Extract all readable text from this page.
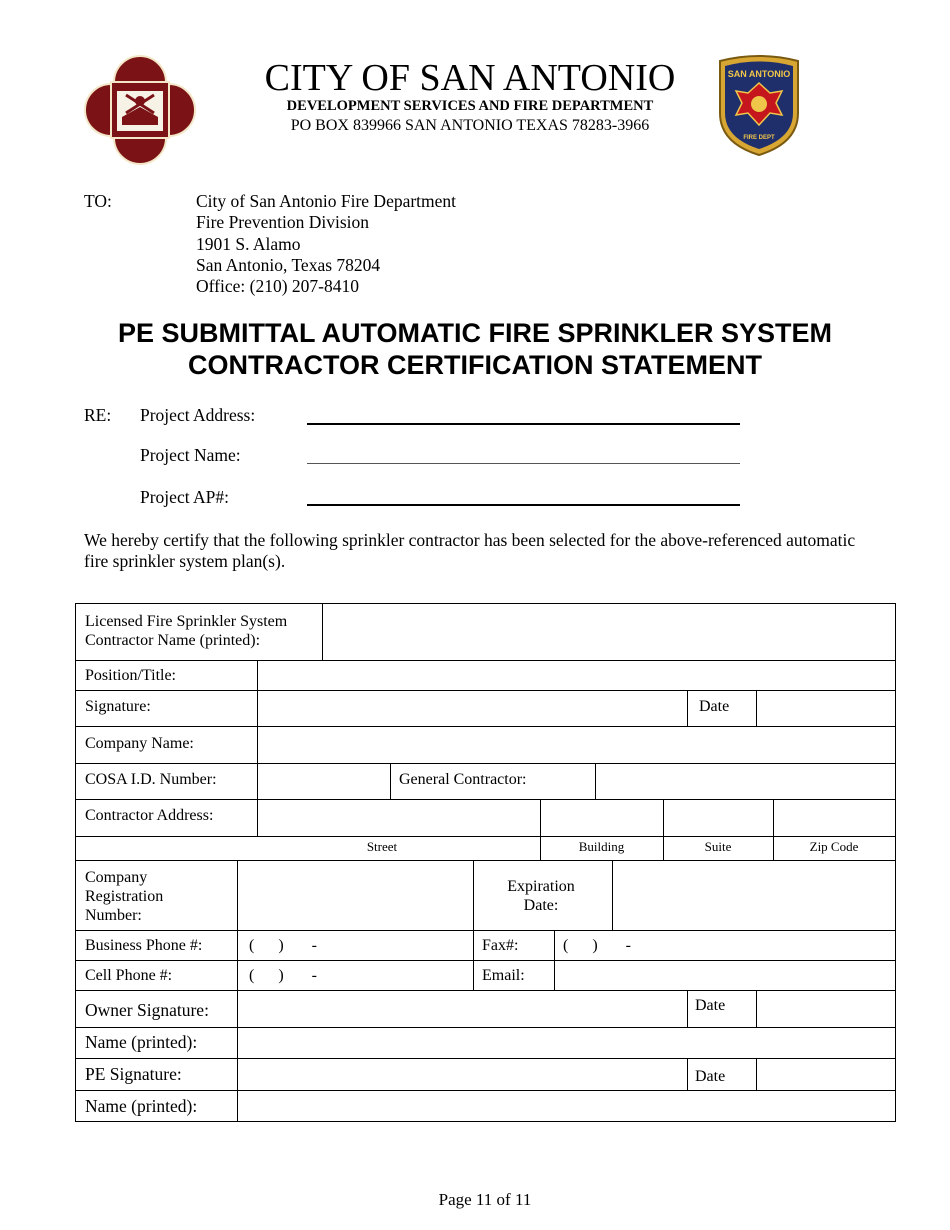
SAN ANTONIO
FIRE DEPT
CITY OF SAN ANTONIO
DEVELOPMENT SERVICES AND FIRE DEPARTMENT
PO BOX 839966 SAN ANTONIO TEXAS 78283-3966
TO:	City of San Antonio Fire Department
Fire Prevention Division
1901 S. Alamo
San Antonio, Texas 78204
Office: (210) 207-8410
PE SUBMITTAL AUTOMATIC FIRE SPRINKLER SYSTEM
CONTRACTOR CERTIFICATION STATEMENT
RE: Project Address:
Project Name:
Project AP#:
We hereby certify that the following sprinkler contractor has been selected for the above-referenced automatic fire sprinkler system plan(s).
Licensed Fire Sprinkler System
Contractor Name (printed):
Position/Title:
Signature:	Date
Company Name:
COSA I.D. Number:	General Contractor:
Contractor Address:
Street	Building	Suite	Zip Code
Company
Registration
Number:
Expiration
Date:
Business Phone #:	(      )       -	Fax#:	(      )       -
Cell Phone #:	(      )       -	Email:
Owner Signature:	Date
Name (printed):
PE Signature:	Date
Name (printed):
Page 11 of 11
